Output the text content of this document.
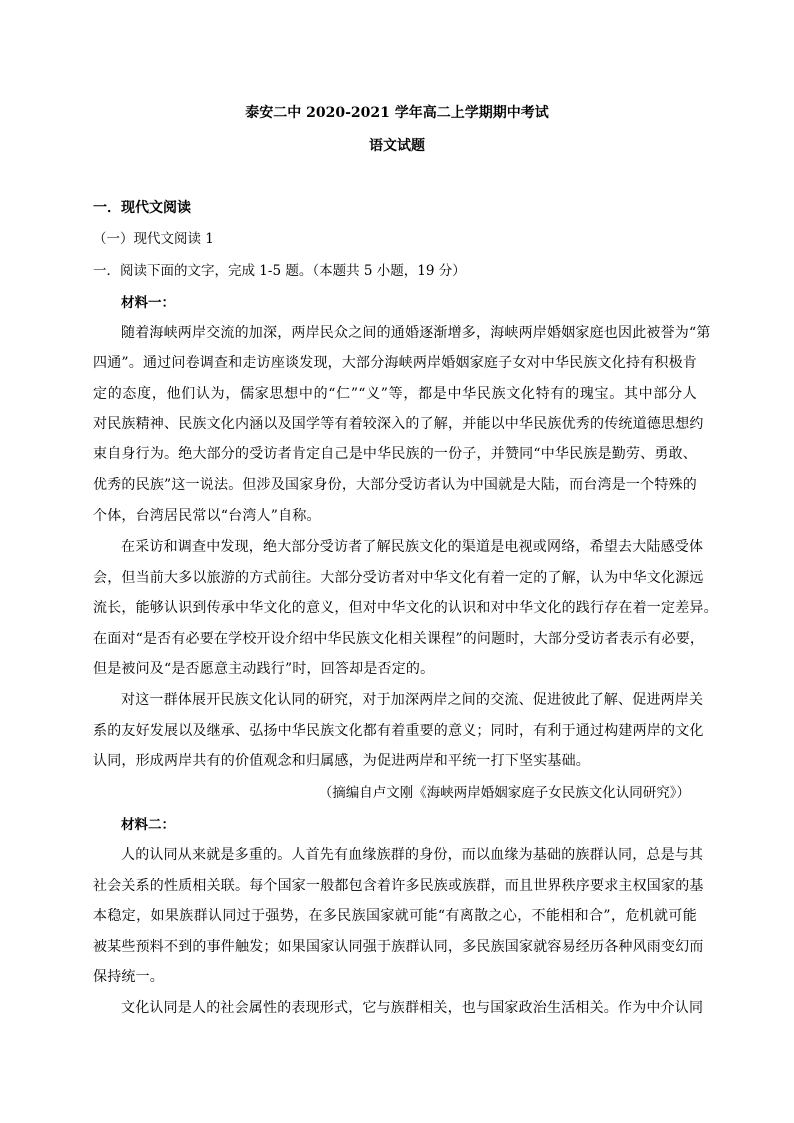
泰安二中 2020-2021 学年高二上学期期中考试
语文试题
一．现代文阅读
（一）现代文阅读 1
一．阅读下面的文字，完成 1-5 题。（本题共 5 小题，19 分）
材料一：
随着海峡两岸交流的加深，两岸民众之间的通婚逐渐增多，海峡两岸婚姻家庭也因此被誉为“第
四通”。通过问卷调查和走访座谈发现，大部分海峡两岸婚姻家庭子女对中华民族文化持有积极肯
定的态度，他们认为，儒家思想中的“仁”“义”等，都是中华民族文化特有的瑰宝。其中部分人
对民族精神、民族文化内涵以及国学等有着较深入的了解，并能以中华民族优秀的传统道德思想约
束自身行为。绝大部分的受访者肯定自己是中华民族的一份子，并赞同“中华民族是勤劳、勇敢、
优秀的民族”这一说法。但涉及国家身份，大部分受访者认为中国就是大陆，而台湾是一个特殊的
个体，台湾居民常以“台湾人”自称。
在采访和调查中发现，绝大部分受访者了解民族文化的渠道是电视或网络，希望去大陆感受体
会，但当前大多以旅游的方式前往。大部分受访者对中华文化有着一定的了解，认为中华文化源远
流长，能够认识到传承中华文化的意义，但对中华文化的认识和对中华文化的践行存在着一定差异。
在面对“是否有必要在学校开设介绍中华民族文化相关课程”的问题时，大部分受访者表示有必要，
但是被问及“是否愿意主动践行”时，回答却是否定的。
对这一群体展开民族文化认同的研究，对于加深两岸之间的交流、促进彼此了解、促进两岸关
系的友好发展以及继承、弘扬中华民族文化都有着重要的意义；同时，有利于通过构建两岸的文化
认同，形成两岸共有的价值观念和归属感，为促进两岸和平统一打下坚实基础。
（摘编自卢文刚《海峡两岸婚姻家庭子女民族文化认同研究》）
材料二：
人的认同从来就是多重的。人首先有血缘族群的身份，而以血缘为基础的族群认同，总是与其
社会关系的性质相关联。每个国家一般都包含着许多民族或族群，而且世界秩序要求主权国家的基
本稳定，如果族群认同过于强势，在多民族国家就可能“有离散之心，不能相和合”，危机就可能
被某些预料不到的事件触发；如果国家认同强于族群认同，多民族国家就容易经历各种风雨变幻而
保持统一。
文化认同是人的社会属性的表现形式，它与族群相关，也与国家政治生活相关。作为中介认同
